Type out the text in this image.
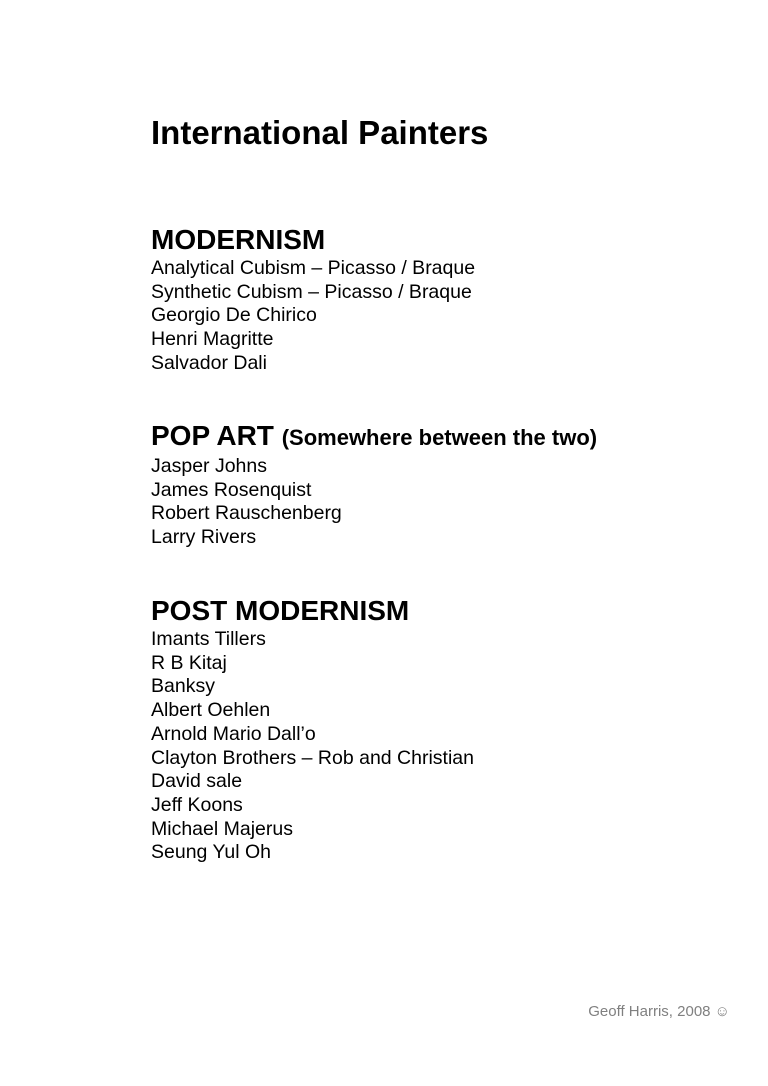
International Painters
MODERNISM
Analytical Cubism – Picasso / Braque
Synthetic Cubism – Picasso / Braque
Georgio De Chirico
Henri Magritte
Salvador Dali
POP ART (Somewhere between the two)
Jasper Johns
James Rosenquist
Robert Rauschenberg
Larry Rivers
POST MODERNISM
Imants Tillers
R B Kitaj
Banksy
Albert Oehlen
Arnold Mario Dall’o
Clayton Brothers – Rob and Christian
David sale
Jeff Koons
Michael Majerus
Seung Yul Oh
Geoff Harris, 2008 ☺
